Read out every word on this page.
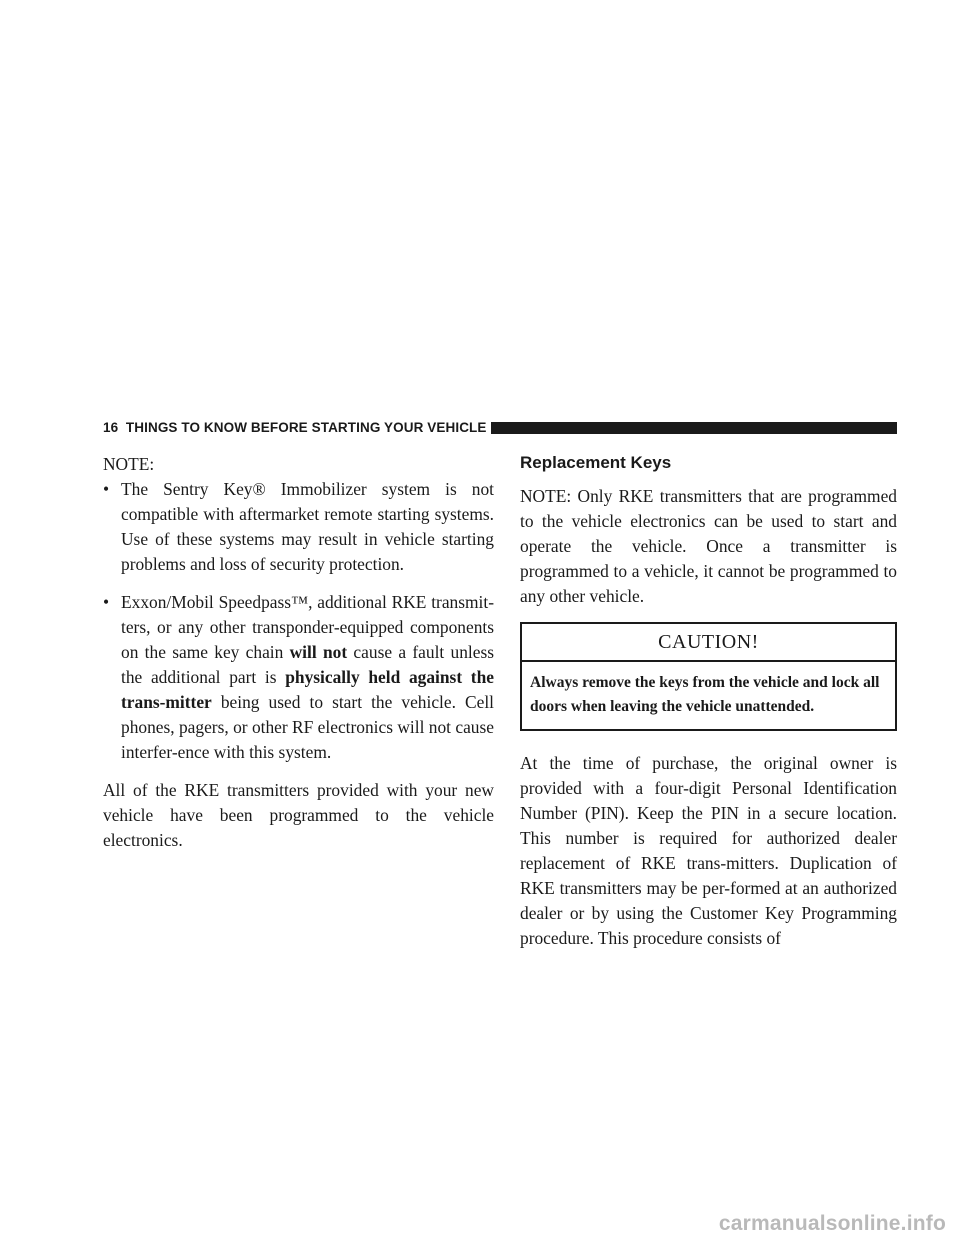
16 THINGS TO KNOW BEFORE STARTING YOUR VEHICLE
NOTE:
• The Sentry Key® Immobilizer system is not compatible with aftermarket remote starting systems. Use of these systems may result in vehicle starting problems and loss of security protection.
• Exxon/Mobil Speedpass™, additional RKE transmit-ters, or any other transponder-equipped components on the same key chain will not cause a fault unless the additional part is physically held against the trans-mitter being used to start the vehicle. Cell phones, pagers, or other RF electronics will not cause interfer-ence with this system.

All of the RKE transmitters provided with your new vehicle have been programmed to the vehicle electronics.

Replacement Keys

NOTE: Only RKE transmitters that are programmed to the vehicle electronics can be used to start and operate the vehicle. Once a transmitter is programmed to a vehicle, it cannot be programmed to any other vehicle.

CAUTION!
Always remove the keys from the vehicle and lock all doors when leaving the vehicle unattended.

At the time of purchase, the original owner is provided with a four-digit Personal Identification Number (PIN). Keep the PIN in a secure location. This number is required for authorized dealer replacement of RKE trans-mitters. Duplication of RKE transmitters may be per-formed at an authorized dealer or by using the Customer Key Programming procedure. This procedure consists of

carmanualsonline.info
